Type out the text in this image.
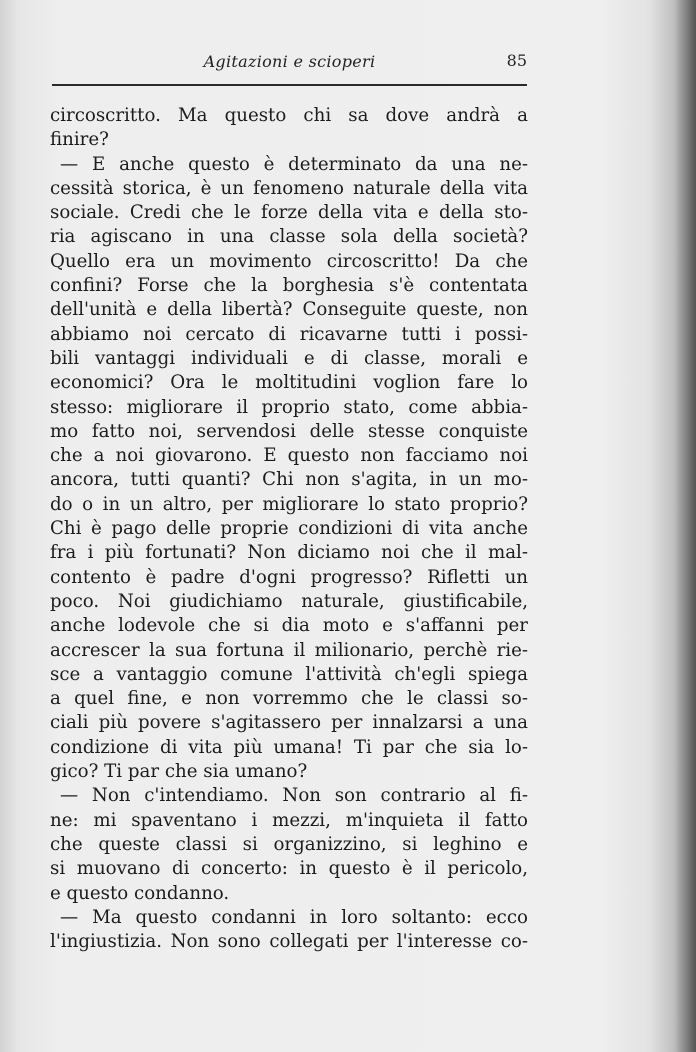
Agitazioni e scioperi	85
circoscritto. Ma questo chi sa dove andrà a
finire?
— E anche questo è determinato da una ne-
cessità storica, è un fenomeno naturale della vita
sociale. Credi che le forze della vita e della sto-
ria agiscano in una classe sola della società?
Quello era un movimento circoscritto! Da che
confini? Forse che la borghesia s'è contentata
dell'unità e della libertà? Conseguite queste, non
abbiamo noi cercato di ricavarne tutti i possi-
bili vantaggi individuali e di classe, morali e
economici? Ora le moltitudini voglion fare lo
stesso: migliorare il proprio stato, come abbia-
mo fatto noi, servendosi delle stesse conquiste
che a noi giovarono. E questo non facciamo noi
ancora, tutti quanti? Chi non s'agita, in un mo-
do o in un altro, per migliorare lo stato proprio?
Chi è pago delle proprie condizioni di vita anche
fra i più fortunati? Non diciamo noi che il mal-
contento è padre d'ogni progresso? Rifletti un
poco. Noi giudichiamo naturale, giustificabile,
anche lodevole che si dia moto e s'affanni per
accrescer la sua fortuna il milionario, perchè rie-
sce a vantaggio comune l'attività ch'egli spiega
a quel fine, e non vorremmo che le classi so-
ciali più povere s'agitassero per innalzarsi a una
condizione di vita più umana! Ti par che sia lo-
gico? Ti par che sia umano?
— Non c'intendiamo. Non son contrario al fi-
ne: mi spaventano i mezzi, m'inquieta il fatto
che queste classi si organizzino, si leghino e
si muovano di concerto: in questo è il pericolo,
e questo condanno.
— Ma questo condanni in loro soltanto: ecco
l'ingiustizia. Non sono collegati per l'interesse co-
